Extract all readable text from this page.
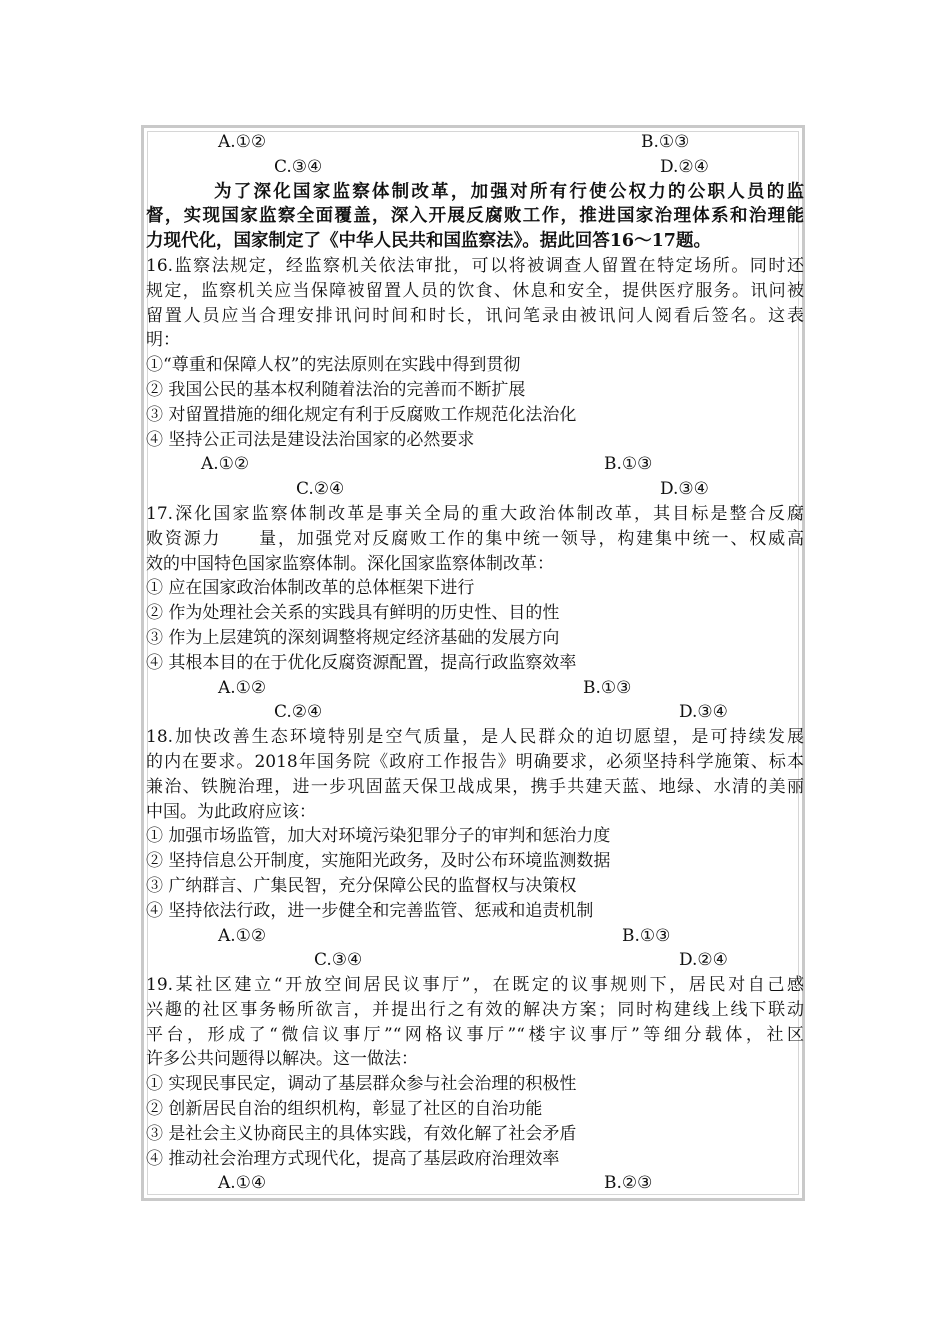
A.①②	B.①③
C.③④	D.②④
为了深化国家监察体制改革，加强对所有行使公权力的公职人员的监
督，实现国家监察全面覆盖，深入开展反腐败工作，推进国家治理体系和治理能
力现代化，国家制定了《中华人民共和国监察法》。据此回答16～17题。
16.监察法规定，经监察机关依法审批，可以将被调查人留置在特定场所。同时还
规定，监察机关应当保障被留置人员的饮食、休息和安全，提供医疗服务。讯问被
留置人员应当合理安排讯问时间和时长，讯问笔录由被讯问人阅看后签名。这表
明：
①“尊重和保障人权”的宪法原则在实践中得到贯彻
② 我国公民的基本权利随着法治的完善而不断扩展
③ 对留置措施的细化规定有利于反腐败工作规范化法治化
④ 坚持公正司法是建设法治国家的必然要求
A.①②	B.①③
C.②④	D.③④
17.深化国家监察体制改革是事关全局的重大政治体制改革，其目标是整合反腐
败资源力　　量，加强党对反腐败工作的集中统一领导，构建集中统一、权威高
效的中国特色国家监察体制。深化国家监察体制改革：
① 应在国家政治体制改革的总体框架下进行
② 作为处理社会关系的实践具有鲜明的历史性、目的性
③ 作为上层建筑的深刻调整将规定经济基础的发展方向
④ 其根本目的在于优化反腐资源配置，提高行政监察效率
A.①②	B.①③
C.②④	D.③④
18.加快改善生态环境特别是空气质量，是人民群众的迫切愿望，是可持续发展
的内在要求。2018年国务院《政府工作报告》明确要求，必须坚持科学施策、标本
兼治、铁腕治理，进一步巩固蓝天保卫战成果，携手共建天蓝、地绿、水清的美丽
中国。为此政府应该：
① 加强市场监管，加大对环境污染犯罪分子的审判和惩治力度
② 坚持信息公开制度，实施阳光政务，及时公布环境监测数据
③ 广纳群言、广集民智，充分保障公民的监督权与决策权
④ 坚持依法行政，进一步健全和完善监管、惩戒和追责机制
A.①②	B.①③
C.③④	D.②④
19.某社区建立“开放空间居民议事厅”，在既定的议事规则下，居民对自己感
兴趣的社区事务畅所欲言，并提出行之有效的解决方案；同时构建线上线下联动
平台，形成了“微信议事厅”“网格议事厅”“楼宇议事厅”等细分载体，社区
许多公共问题得以解决。这一做法：
① 实现民事民定，调动了基层群众参与社会治理的积极性
② 创新居民自治的组织机构，彰显了社区的自治功能
③ 是社会主义协商民主的具体实践，有效化解了社会矛盾
④ 推动社会治理方式现代化，提高了基层政府治理效率
A.①④	B.②③
